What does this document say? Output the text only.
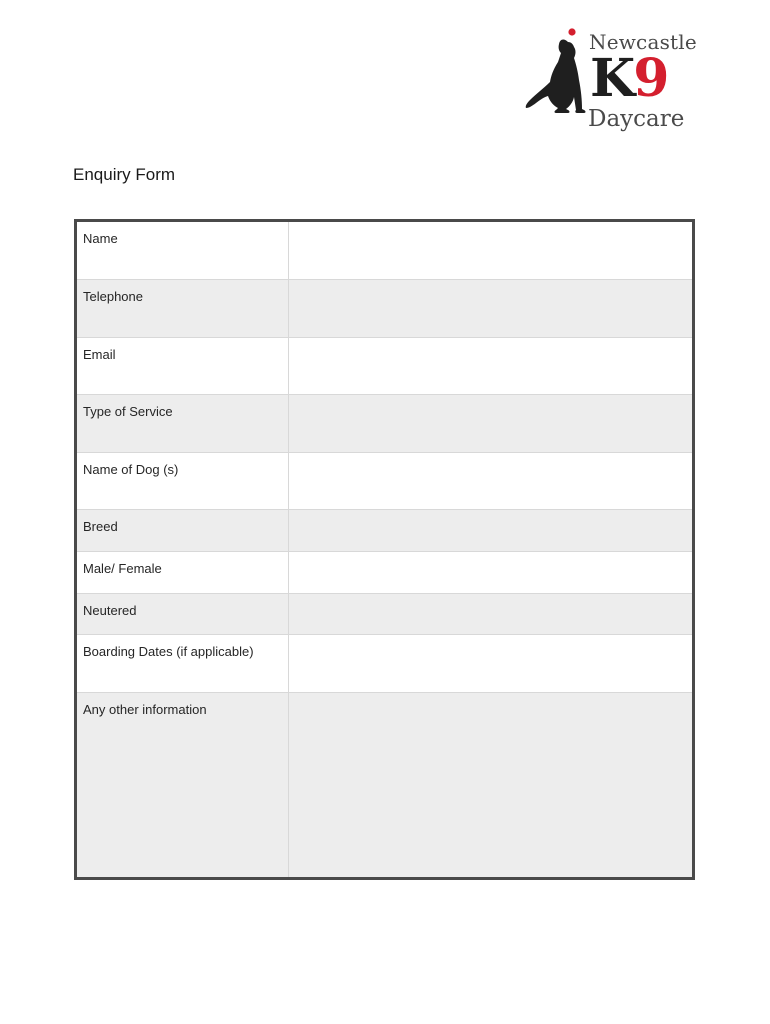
Newcastle
K9
Daycare
Enquiry Form
Name
Telephone
Email
Type of Service
Name of Dog (s)
Breed
Male/ Female
Neutered
Boarding Dates (if applicable)
Any other information
